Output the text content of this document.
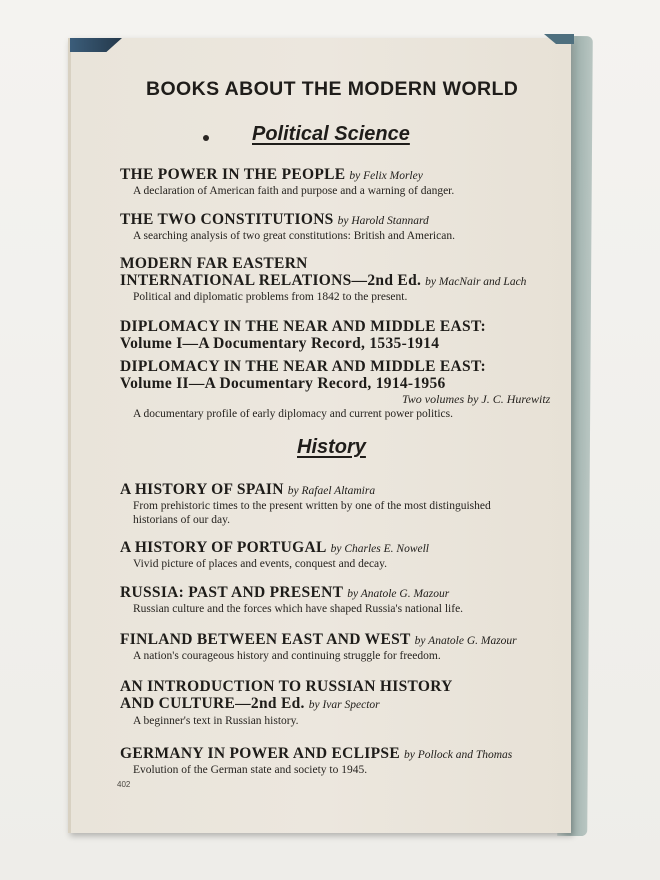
BOOKS ABOUT THE MODERN WORLD
Political Science
THE POWER IN THE PEOPLE by Felix Morley
A declaration of American faith and purpose and a warning of danger.
THE TWO CONSTITUTIONS by Harold Stannard
A searching analysis of two great constitutions: British and American.
MODERN FAR EASTERN
INTERNATIONAL RELATIONS—2nd Ed. by MacNair and Lach
Political and diplomatic problems from 1842 to the present.
DIPLOMACY IN THE NEAR AND MIDDLE EAST:
Volume I—A Documentary Record, 1535-1914
DIPLOMACY IN THE NEAR AND MIDDLE EAST:
Volume II—A Documentary Record, 1914-1956
Two volumes by J. C. Hurewitz
A documentary profile of early diplomacy and current power politics.
History
A HISTORY OF SPAIN by Rafael Altamira
From prehistoric times to the present written by one of the most distinguished
historians of our day.
A HISTORY OF PORTUGAL by Charles E. Nowell
Vivid picture of places and events, conquest and decay.
RUSSIA: PAST AND PRESENT by Anatole G. Mazour
Russian culture and the forces which have shaped Russia's national life.
FINLAND BETWEEN EAST AND WEST by Anatole G. Mazour
A nation's courageous history and continuing struggle for freedom.
AN INTRODUCTION TO RUSSIAN HISTORY
AND CULTURE—2nd Ed. by Ivar Spector
A beginner's text in Russian history.
GERMANY IN POWER AND ECLIPSE by Pollock and Thomas
Evolution of the German state and society to 1945.
402
